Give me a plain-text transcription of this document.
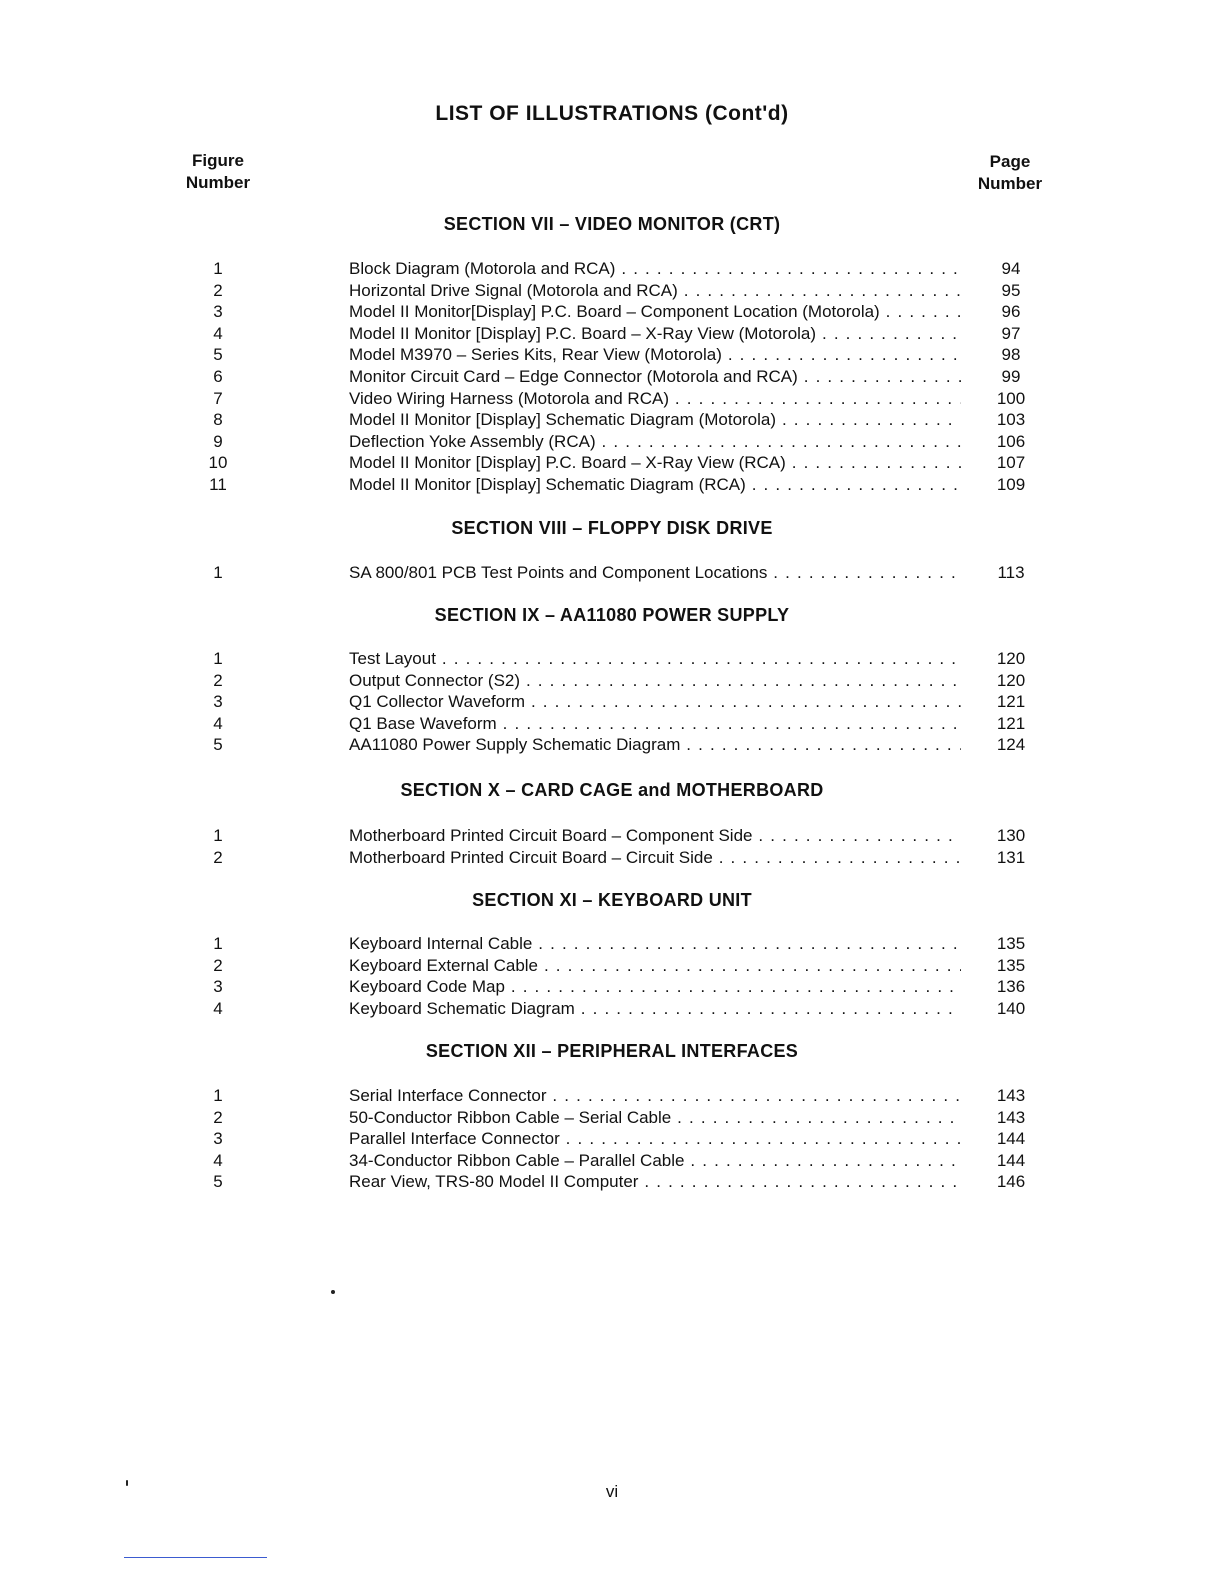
LIST OF ILLUSTRATIONS (Cont'd)
Figure
Number
Page
Number
SECTION VII – VIDEO MONITOR (CRT)
1	Block Diagram (Motorola and RCA) . . .	94
2	Horizontal Drive Signal (Motorola and RCA) . . .	95
3	Model II Monitor[Display] P.C. Board – Component Location (Motorola) . . .	96
4	Model II Monitor [Display] P.C. Board – X-Ray View (Motorola) . . .	97
5	Model M3970 – Series Kits, Rear View (Motorola) . . .	98
6	Monitor Circuit Card – Edge Connector (Motorola and RCA) . . .	99
7	Video Wiring Harness (Motorola and RCA) . . .	100
8	Model II Monitor [Display] Schematic Diagram (Motorola) . . .	103
9	Deflection Yoke Assembly (RCA) . . .	106
10	Model II Monitor [Display] P.C. Board – X-Ray View (RCA) . . .	107
11	Model II Monitor [Display] Schematic Diagram (RCA) . . .	109
SECTION VIII – FLOPPY DISK DRIVE
1	SA 800/801 PCB Test Points and Component Locations . . .	113
SECTION IX – AA11080 POWER SUPPLY
1	Test Layout . . .	120
2	Output Connector (S2) . . .	120
3	Q1 Collector Waveform . . .	121
4	Q1 Base Waveform . . .	121
5	AA11080 Power Supply Schematic Diagram . . .	124
SECTION X – CARD CAGE and MOTHERBOARD
1	Motherboard Printed Circuit Board – Component Side . . .	130
2	Motherboard Printed Circuit Board – Circuit Side . . .	131
SECTION XI – KEYBOARD UNIT
1	Keyboard Internal Cable . . .	135
2	Keyboard External Cable . . .	135
3	Keyboard Code Map . . .	136
4	Keyboard Schematic Diagram . . .	140
SECTION XII – PERIPHERAL INTERFACES
1	Serial Interface Connector . . .	143
2	50-Conductor Ribbon Cable – Serial Cable . . .	143
3	Parallel Interface Connector . . .	144
4	34-Conductor Ribbon Cable – Parallel Cable . . .	144
5	Rear View, TRS-80 Model II Computer . . .	146
vi
